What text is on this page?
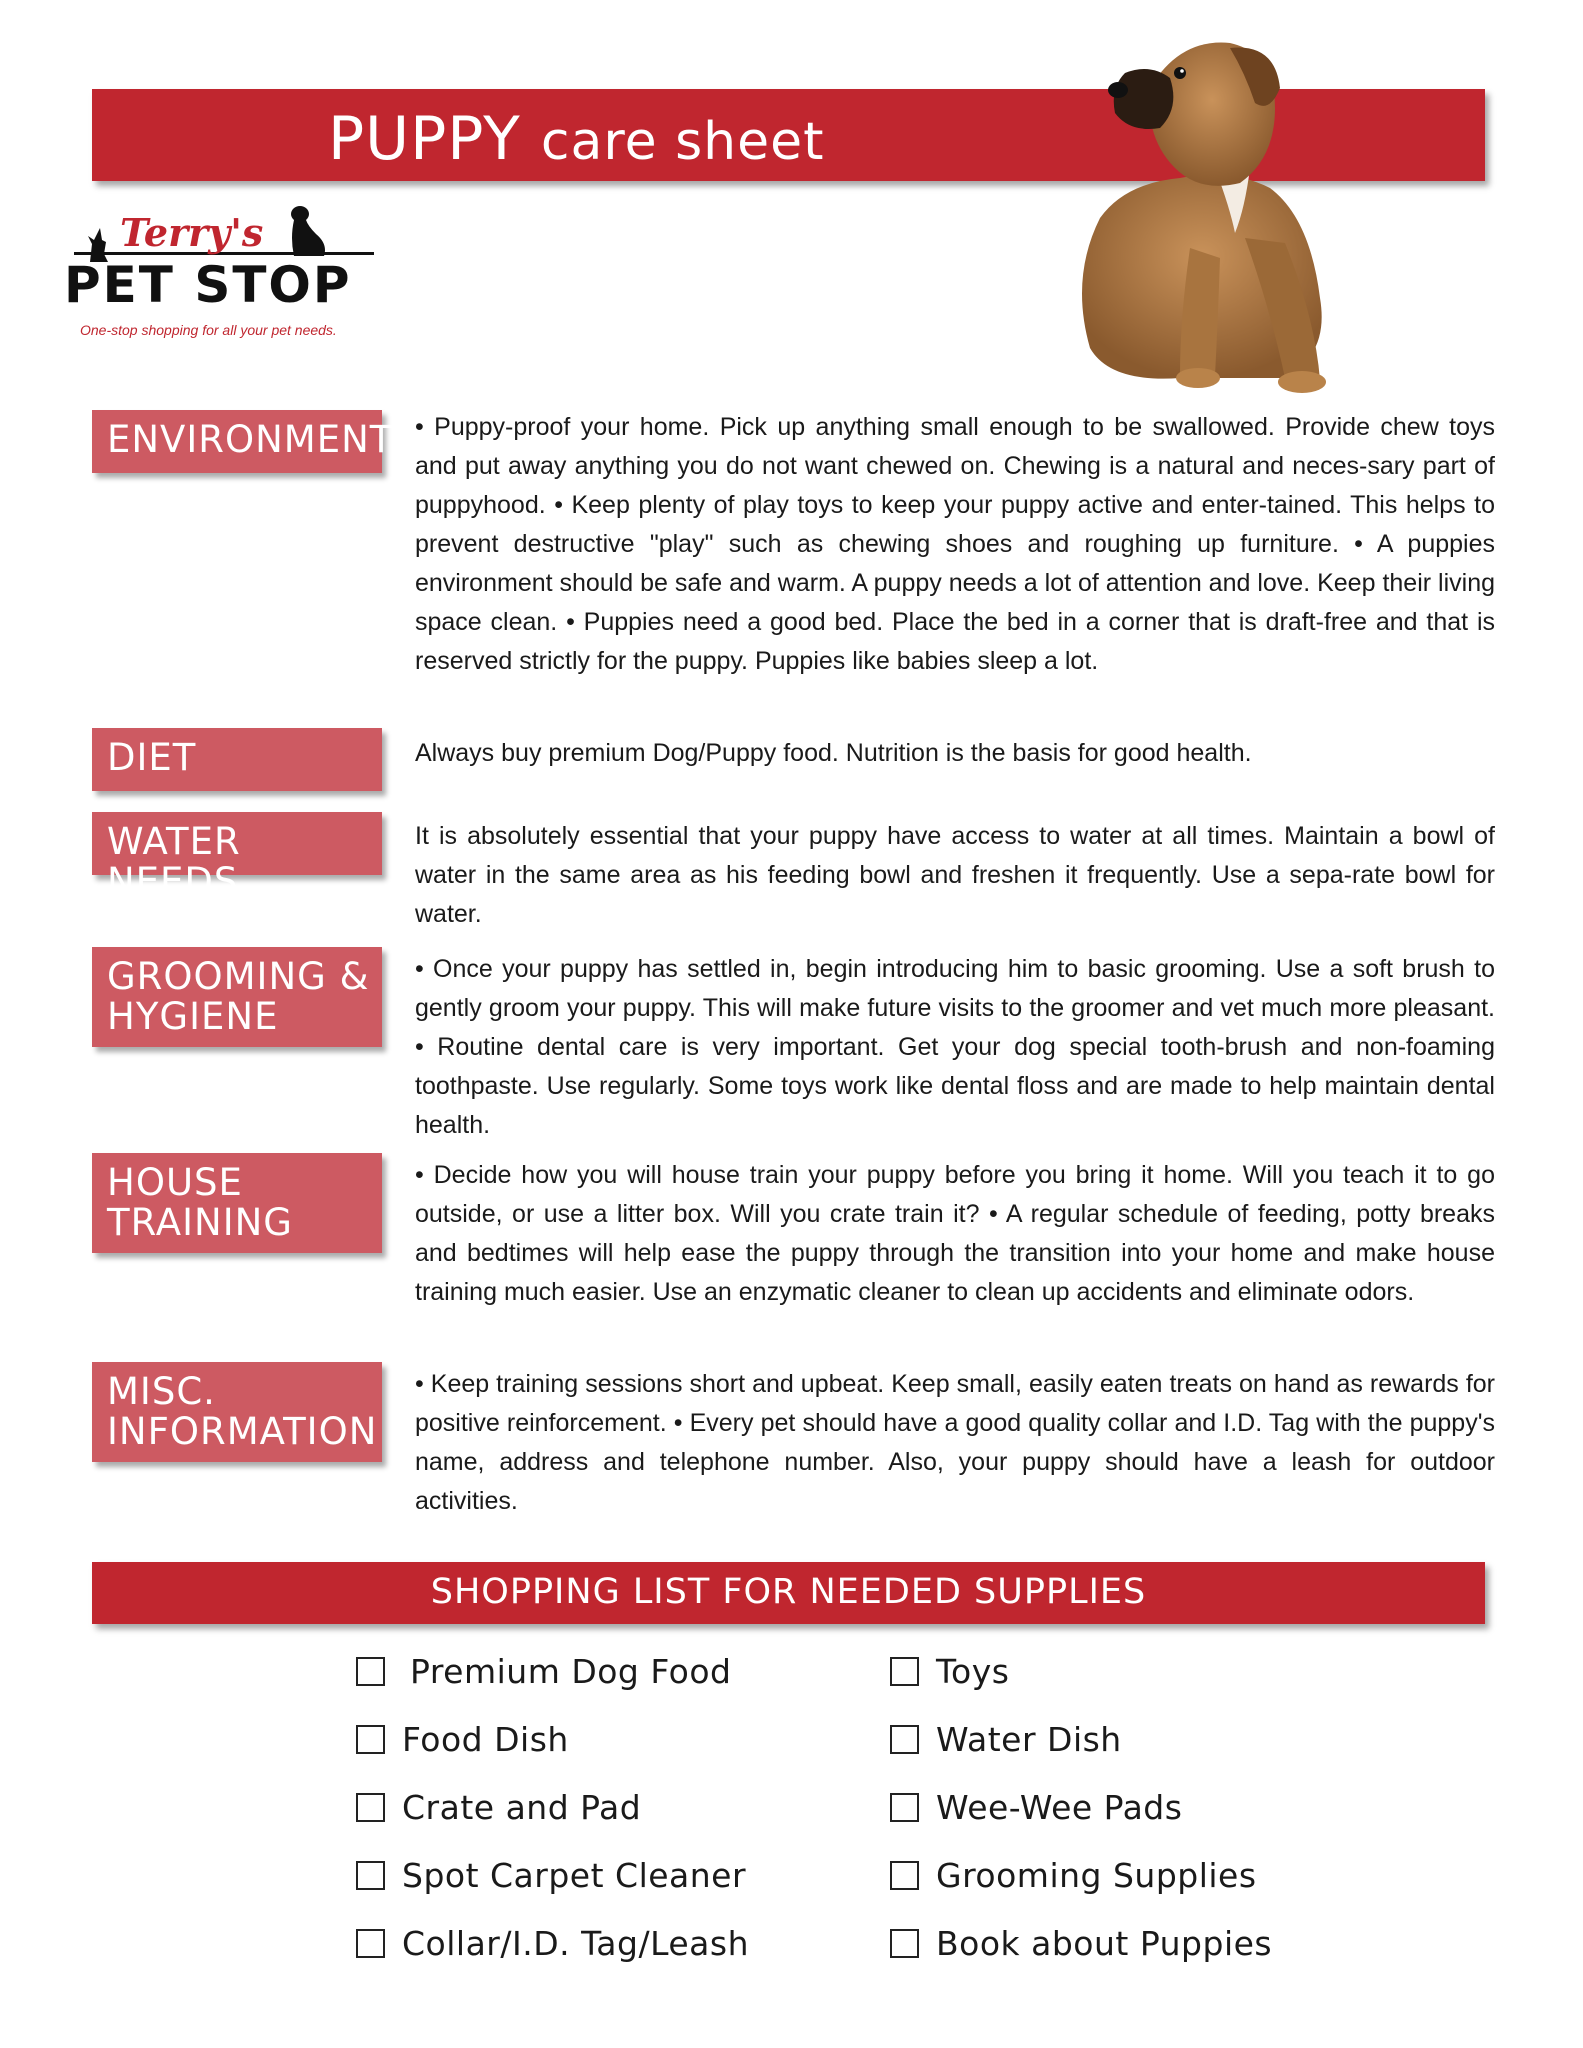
PUPPY care sheet
Terry's
PET STOP
One-stop shopping for all your pet needs.
ENVIRONMENT • Puppy-proof your home. Pick up anything small enough to be swallowed. Provide chew toys and put away anything you do not want chewed on. Chewing is a natural and neces-sary part of puppyhood. • Keep plenty of play toys to keep your puppy active and enter-tained. This helps to prevent destructive "play" such as chewing shoes and roughing up furniture. • A puppies environment should be safe and warm. A puppy needs a lot of attention and love. Keep their living space clean. • Puppies need a good bed. Place the bed in a corner that is draft-free and that is reserved strictly for the puppy. Puppies like babies sleep a lot.
DIET	Always buy premium Dog/Puppy food. Nutrition is the basis for good health.
WATER NEEDS
It is absolutely essential that your puppy have access to water at all times. Maintain a bowl of water in the same area as his feeding bowl and freshen it frequently. Use a sepa-rate bowl for water.
GROOMING &
HYGIENE
• Once your puppy has settled in, begin introducing him to basic grooming. Use a soft brush to gently groom your puppy. This will make future visits to the groomer and vet much more pleasant. • Routine dental care is very important. Get your dog special tooth-brush and non-foaming toothpaste. Use regularly. Some toys work like dental floss and are made to help maintain dental health.
HOUSE
TRAINING
• Decide how you will house train your puppy before you bring it home. Will you teach it to go outside, or use a litter box. Will you crate train it? • A regular schedule of feeding, potty breaks and bedtimes will help ease the puppy through the transition into your home and make house training much easier. Use an enzymatic cleaner to clean up accidents and eliminate odors.
MISC.
INFORMATION
• Keep training sessions short and upbeat. Keep small, easily eaten treats on hand as rewards for positive reinforcement. • Every pet should have a good quality collar and I.D. Tag with the puppy's name, address and telephone number. Also, your puppy should have a leash for outdoor activities.
SHOPPING LIST FOR NEEDED SUPPLIES
Premium Dog Food
Food Dish
Crate and Pad
Spot Carpet Cleaner
Collar/I.D. Tag/Leash
Toys
Water Dish
Wee-Wee Pads
Grooming Supplies
Book about Puppies
